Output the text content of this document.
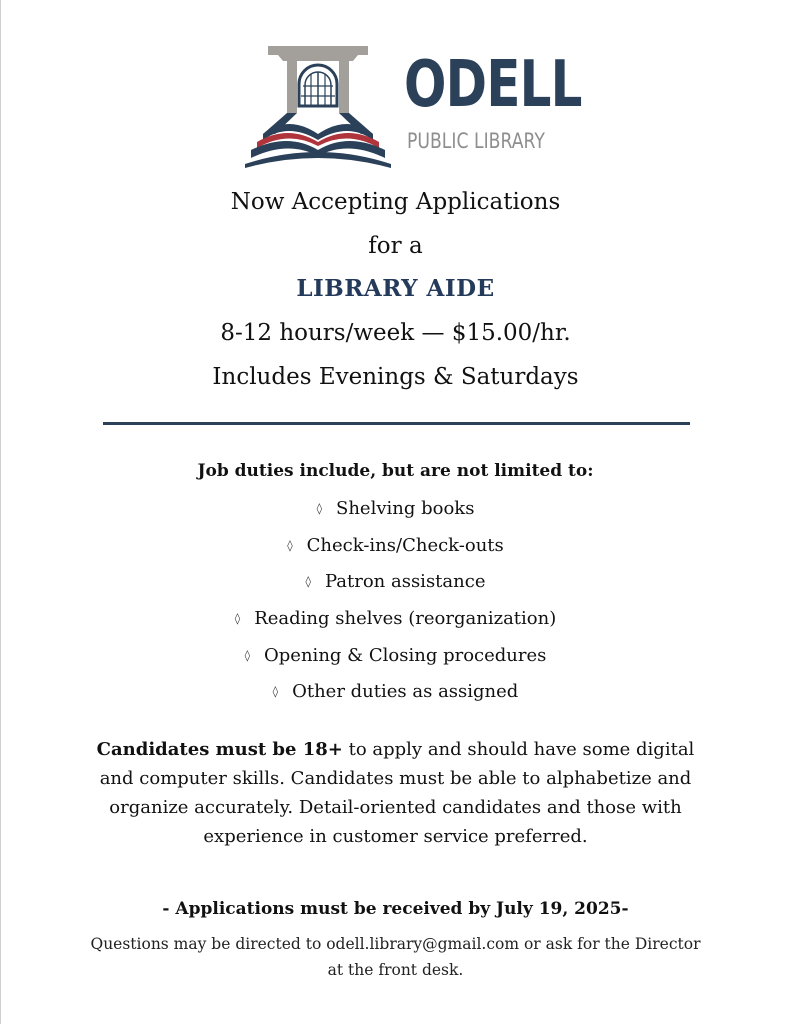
ODELL
PUBLIC LIBRARY
Now Accepting Applications
for a
LIBRARY AIDE
8-12 hours/week — $15.00/hr.
Includes Evenings & Saturdays
Job duties include, but are not limited to:
◊ Shelving books
◊ Check-ins/Check-outs
◊ Patron assistance
◊ Reading shelves (reorganization)
◊ Opening & Closing procedures
◊ Other duties as assigned
Candidates must be 18+ to apply and should have some digital
and computer skills. Candidates must be able to alphabetize and
organize accurately. Detail-oriented candidates and those with
experience in customer service preferred.
- Applications must be received by July 19, 2025-
Questions may be directed to odell.library@gmail.com or ask for the Director
at the front desk.
